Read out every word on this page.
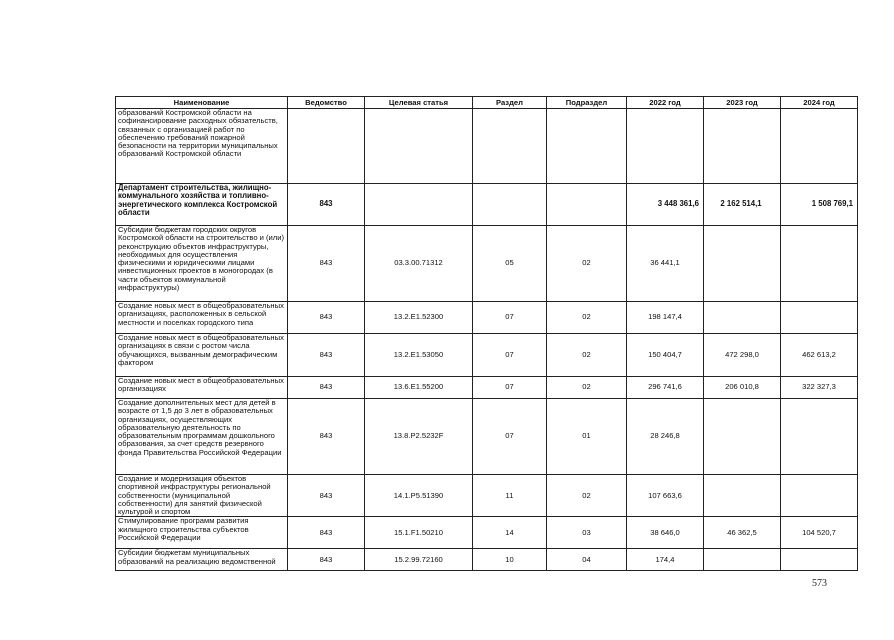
Наименование	Ведомство	Целевая статья	Раздел	Подраздел	2022 год	2023 год	2024 год
образований Костромской области на софинансирование расходных обязательств, связанных с организацией работ по обеспечению требований пожарной безопасности на территории муниципальных образований Костромской области							
Департамент строительства, жилищно-коммунального хозяйства и топливно-энергетического комплекса Костромской области	843				3 448 361,6	2 162 514,1	1 508 769,1
Субсидии бюджетам городских округов Костромской области на строительство и (или) реконструкцию объектов инфраструктуры, необходимых для осуществления физическими и юридическими лицами инвестиционных проектов в моногородах (в части объектов коммунальной инфраструктуры)	843	03.3.00.71312	05	02	36 441,1		
Создание новых мест в общеобразовательных организациях, расположенных в сельской местности и поселках городского типа	843	13.2.E1.52300	07	02	198 147,4		
Создание новых мест в общеобразовательных организациях в связи с ростом числа обучающихся, вызванным демографическим фактором	843	13.2.E1.53050	07	02	150 404,7	472 298,0	462 613,2
Создание новых мест в общеобразовательных организациях	843	13.6.E1.55200	07	02	296 741,6	206 010,8	322 327,3
Создание дополнительных мест для детей в возрасте от 1,5 до 3 лет в образовательных организациях, осуществляющих образовательную деятельность по образовательным программам дошкольного образования, за счет средств резервного фонда Правительства Российской Федерации	843	13.8.P2.5232F	07	01	28 246,8		
Создание и модернизация объектов спортивной инфраструктуры региональной собственности (муниципальной собственности) для занятий физической культурой и спортом	843	14.1.P5.51390	11	02	107 663,6		
Стимулирование программ развития жилищного строительства субъектов Российской Федерации	843	15.1.F1.50210	14	03	38 646,0	46 362,5	104 520,7
Субсидии бюджетам муниципальных образований на реализацию ведомственной	843	15.2.99.72160	10	04	174,4		
573
